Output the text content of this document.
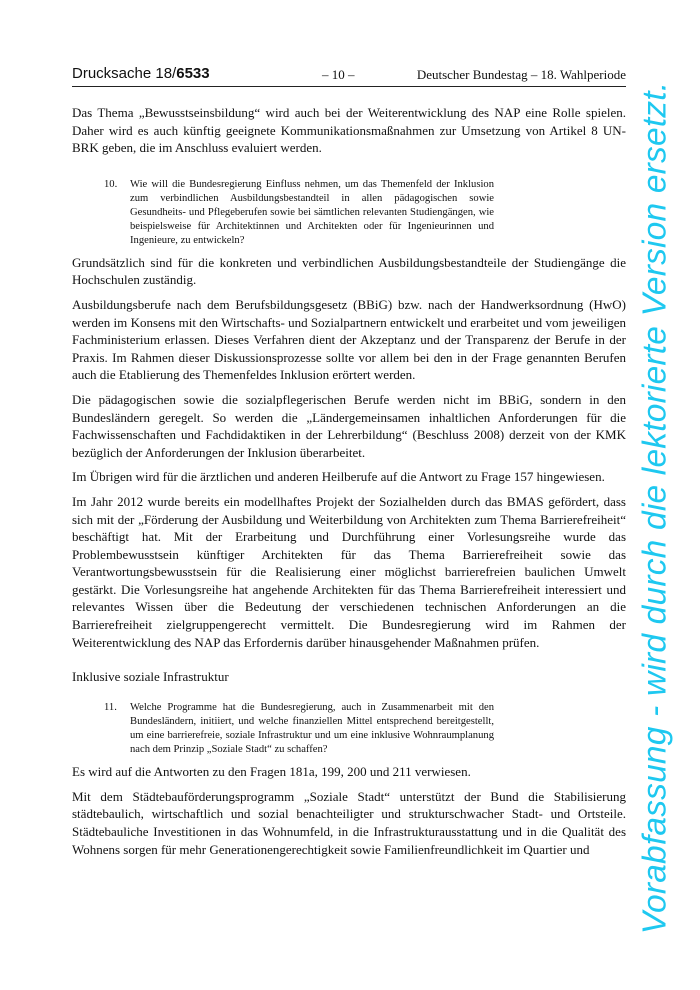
Drucksache 18/6533	– 10 –	Deutscher Bundestag – 18. Wahlperiode

Das Thema „Bewusstseinsbildung“ wird auch bei der Weiterentwicklung des NAP eine Rolle spielen. Daher wird es auch künftig geeignete Kommunikationsmaßnahmen zur Umsetzung von Artikel 8 UN-BRK geben, die im Anschluss evaluiert werden.

10.	Wie will die Bundesregierung Einfluss nehmen, um das Themenfeld der Inklusion zum verbindlichen Ausbildungsbestandteil in allen pädagogischen sowie Gesundheits- und Pflegeberufen sowie bei sämtlichen relevanten Studiengängen, wie beispielsweise für Architektinnen und Architekten oder für Ingenieurinnen und Ingenieure, zu entwickeln?

Grundsätzlich sind für die konkreten und verbindlichen Ausbildungsbestandteile der Studiengänge die Hochschulen zuständig.

Ausbildungsberufe nach dem Berufsbildungsgesetz (BBiG) bzw. nach der Handwerksordnung (HwO) werden im Konsens mit den Wirtschafts- und Sozialpartnern entwickelt und erarbeitet und vom jeweiligen Fachministerium erlassen. Dieses Verfahren dient der Akzeptanz und der Transparenz der Berufe in der Praxis. Im Rahmen dieser Diskussionsprozesse sollte vor allem bei den in der Frage genannten Berufen auch die Etablierung des Themenfeldes Inklusion erörtert werden.

Die pädagogischen sowie die sozialpflegerischen Berufe werden nicht im BBiG, sondern in den Bundesländern geregelt. So werden die „Ländergemeinsamen inhaltlichen Anforderungen für die Fachwissenschaften und Fachdidaktiken in der Lehrerbildung“ (Beschluss 2008) derzeit von der KMK bezüglich der Anforderungen der Inklusion überarbeitet.

Im Übrigen wird für die ärztlichen und anderen Heilberufe auf die Antwort zu Frage 157 hingewiesen.

Im Jahr 2012 wurde bereits ein modellhaftes Projekt der Sozialhelden durch das BMAS gefördert, dass sich mit der „Förderung der Ausbildung und Weiterbildung von Architekten zum Thema Barrierefreiheit“ beschäftigt hat. Mit der Erarbeitung und Durchführung einer Vorlesungsreihe wurde das Problembewusstsein künftiger Architekten für das Thema Barrierefreiheit sowie das Verantwortungsbewusstsein für die Realisierung einer möglichst barrierefreien baulichen Umwelt gestärkt. Die Vorlesungsreihe hat angehende Architekten für das Thema Barrierefreiheit interessiert und relevantes Wissen über die Bedeutung der verschiedenen technischen Anforderungen an die Barrierefreiheit zielgruppengerecht vermittelt. Die Bundesregierung wird im Rahmen der Weiterentwicklung des NAP das Erfordernis darüber hinausgehender Maßnahmen prüfen.

Inklusive soziale Infrastruktur
11.	Welche Programme hat die Bundesregierung, auch in Zusammenarbeit mit den Bundesländern, initiiert, und welche finanziellen Mittel entsprechend bereitgestellt, um eine barrierefreie, soziale Infrastruktur und um eine inklusive Wohnraumplanung nach dem Prinzip „Soziale Stadt“ zu schaffen?

Es wird auf die Antworten zu den Fragen 181a, 199, 200 und 211 verwiesen.

Mit dem Städtebauförderungsprogramm „Soziale Stadt“ unterstützt der Bund die Stabilisierung städtebaulich, wirtschaftlich und sozial benachteiligter und strukturschwacher Stadt- und Ortsteile. Städtebauliche Investitionen in das Wohnumfeld, in die Infrastrukturausstattung und in die Qualität des Wohnens sorgen für mehr Generationengerechtigkeit sowie Familienfreundlichkeit im Quartier und	Vorabfassung - wird durch die lektorierte Version ersetzt.
